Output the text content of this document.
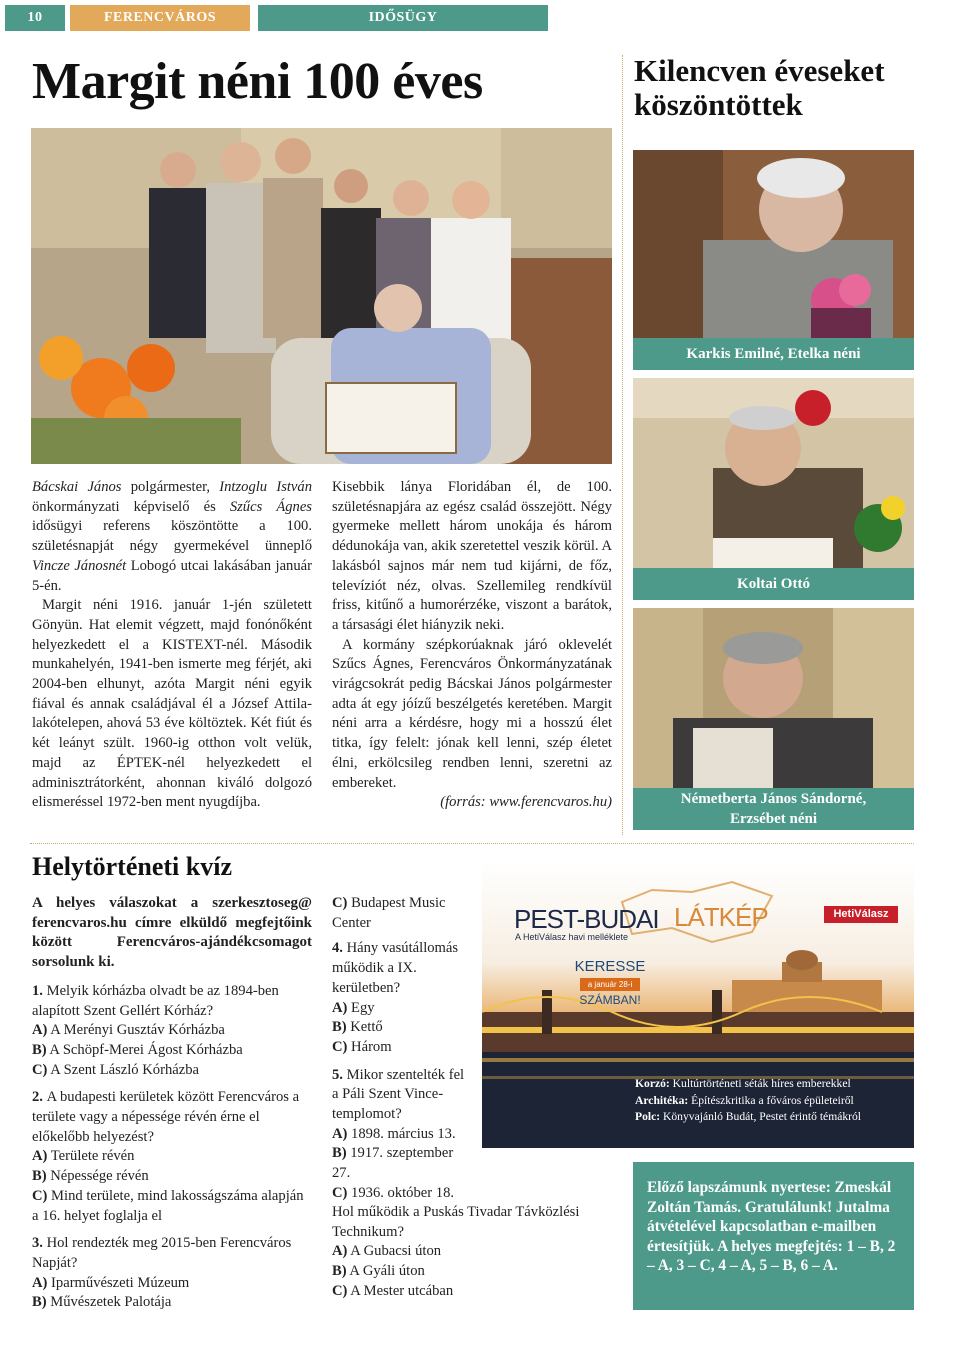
10	FERENCVÁROS	IDŐSÜGY
Margit néni 100 éves	Kilencven éveseket köszöntöttek
Karkis Emilné, Etelka néni
Koltai Ottó
Németberta János Sándorné,
Erzsébet néni

Bácskai János polgármester, Intzoglu István önkormányzati képviselő és Szűcs Ágnes idősügyi referens köszöntötte a 100. születésnapját négy gyermekével ünneplő Vincze Jánosnét Lobogó utcai lakásában január 5-én.

Margit néni 1916. január 1-jén született Gönyün. Hat elemit végzett, majd fonónőként helyezkedett el a KISTEXT-nél. Második munkahelyén, 1941-ben ismerte meg férjét, aki 2004-ben elhunyt, azóta Margit néni egyik fiával és annak családjával él a József Attila-lakótelepen, ahová 53 éve költöztek. Két fiút és két leányt szült. 1960-ig otthon volt velük, majd az ÉPTEK-nél helyezkedett el adminisztrátorként, ahonnan kiváló dolgozó elismeréssel 1972-ben ment nyugdíjba.

Kisebbik lánya Floridában él, de 100. születésnapjára az egész család összejött. Négy gyermeke mellett három unokája és három dédunokája van, akik szeretettel veszik körül. A lakásból sajnos már nem tud kijárni, de főz, televíziót néz, olvas. Szellemileg rendkívül friss, kitűnő a humorérzéke, viszont a barátok, a társasági élet hiányzik neki.

A kormány szépkorúaknak járó oklevelét Szűcs Ágnes, Ferencváros Önkormányzatának virágcsokrát pedig Bácskai János polgármester adta át egy jóízű beszélgetés keretében. Margit néni arra a kérdésre, hogy mi a hosszú élet titka, így felelt: jónak kell lenni, szép életet élni, erkölcsileg rendben lenni, szeretni az embereket.

(forrás: www.ferencvaros.hu)

Helytörténeti kvíz

A helyes válaszokat a szerkesztoseg@ ferencvaros.hu címre elküldő megfejtőink között Ferencváros-ajándékcsomagot sorsolunk ki.

1. Melyik kórházba olvadt be az 1894-ben alapított Szent Gellért Kórház?

A) A Merényi Gusztáv Kórházba

B) A Schöpf-Merei Ágost Kórházba

C) A Szent László Kórházba

2. A budapesti kerületek között Ferencváros a területe vagy a népessége révén érne el előkelőbb helyezést?

A) Területe révén

B) Népessége révén

C) Mind területe, mind lakosságszáma alapján a 16. helyet foglalja el

3. Hol rendezték meg 2015-ben Ferencváros Napját?

A) Iparművészeti Múzeum

B) Művészetek Palotája

C) Budapest Music Center

4. Hány vasútállomás működik a IX. kerületben?

A) Egy

B) Kettő

C) Három

5. Mikor szentelték fel a Páli Szent Vince-templomot?

A) 1898. március 13.

B) 1917. szeptember 27.

C) 1936. október 18.

Hol működik a Puskás Tivadar Távközlési Technikum?

A) A Gubacsi úton

B) A Gyáli úton

C) A Mester utcában

PEST-BUDAI LÁTKÉP
A HetiVálasz havi melléklete
KERESSE
a január 28-i
SZÁMBAN!
HetiVálasz
Korzó: Kultúrtörténeti séták híres emberekkel
Architéka: Építészkritika a főváros épületeiről
Polc: Könyvajánló Budát, Pestet érintő témákról
Előző lapszámunk nyertese: Zmeskál Zoltán Tamás. Gratulálunk! Jutalma átvételével kapcsolatban e-mailben értesítjük. A helyes megfejtés: 1 – B, 2 – A, 3 – C, 4 – A, 5 – B, 6 – A.
